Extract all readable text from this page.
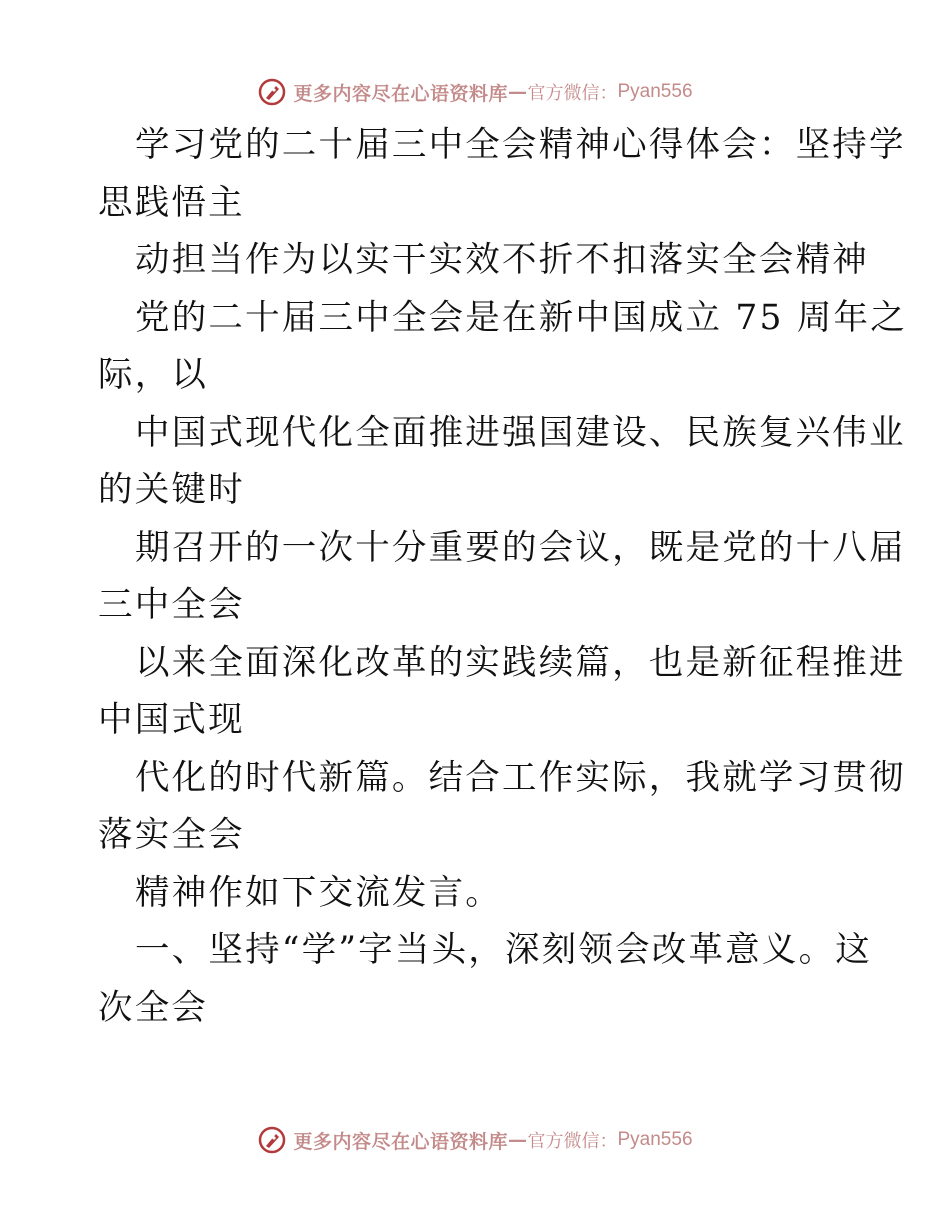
更多内容尽在心语资料库 — 官方微信： Pyan556
学习党的二十届三中全会精神心得体会：坚持学
思践悟主
动担当作为以实干实效不折不扣落实全会精神
党的二十届三中全会是在新中国成立 75 周年之
际，以
中国式现代化全面推进强国建设、民族复兴伟业
的关键时
期召开的一次十分重要的会议，既是党的十八届
三中全会
以来全面深化改革的实践续篇，也是新征程推进
中国式现
代化的时代新篇。结合工作实际，我就学习贯彻
落实全会
精神作如下交流发言。
一、坚持“学”字当头，深刻领会改革意义。这
次全会
更多内容尽在心语资料库 — 官方微信： Pyan556
